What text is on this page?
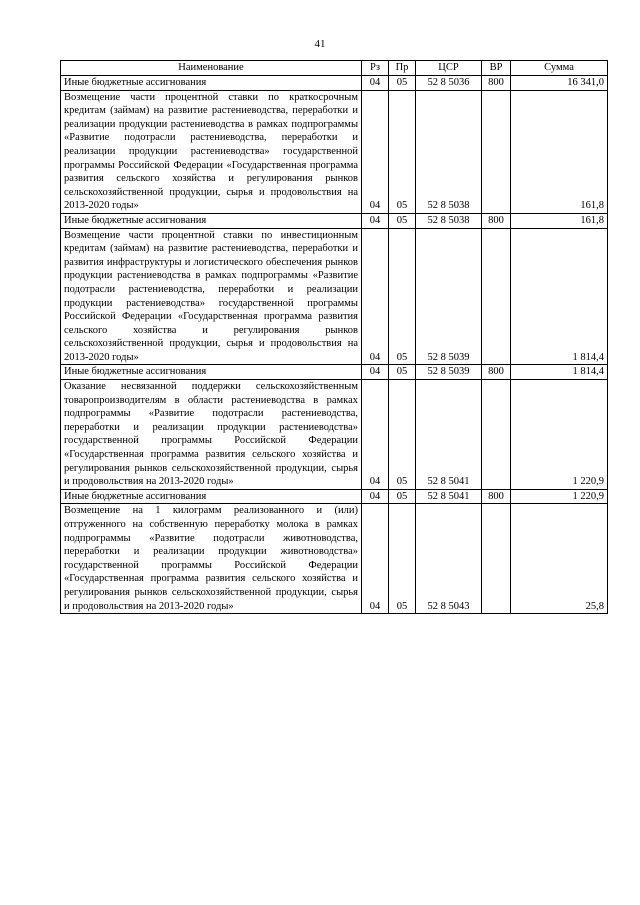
41
Наименование	Рз	Пр	ЦСР	ВР	Сумма
Иные бюджетные ассигнования	04	05	52 8 5036	800	16 341,0
Возмещение части процентной ставки по краткосрочным кредитам (займам) на развитие растениеводства, переработки и реализации продукции растениеводства в рамках подпрограммы «Развитие подотрасли растениеводства, переработки и реализации продукции растениеводства» государственной программы Российской Федерации «Государственная программа развития сельского хозяйства и регулирования рынков сельскохозяйственной продукции, сырья и продовольствия на 2013-2020 годы»	04	05	52 8 5038		161,8
Иные бюджетные ассигнования	04	05	52 8 5038	800	161,8
Возмещение части процентной ставки по инвестиционным кредитам (займам) на развитие растениеводства, переработки и развития инфраструктуры и логистического обеспечения рынков продукции растениеводства в рамках подпрограммы «Развитие подотрасли растениеводства, переработки и реализации продукции растениеводства» государственной программы Российской Федерации «Государственная программа развития сельского хозяйства и регулирования рынков сельскохозяйственной продукции, сырья и продовольствия на 2013-2020 годы»	04	05	52 8 5039		1 814,4
Иные бюджетные ассигнования	04	05	52 8 5039	800	1 814,4
Оказание несвязанной поддержки сельскохозяйственным товаропроизводителям в области растениеводства в рамках подпрограммы «Развитие подотрасли растениеводства, переработки и реализации продукции растениеводства» государственной программы Российской Федерации «Государственная программа развития сельского хозяйства и регулирования рынков сельскохозяйственной продукции, сырья и продовольствия на 2013-2020 годы»	04	05	52 8 5041		1 220,9
Иные бюджетные ассигнования	04	05	52 8 5041	800	1 220,9
Возмещение на 1 килограмм реализованного и (или) отгруженного на собственную переработку молока в рамках подпрограммы «Развитие подотрасли животноводства, переработки и реализации продукции животноводства» государственной программы Российской Федерации «Государственная программа развития сельского хозяйства и регулирования рынков сельскохозяйственной продукции, сырья и продовольствия на 2013-2020 годы»	04	05	52 8 5043		25,8
